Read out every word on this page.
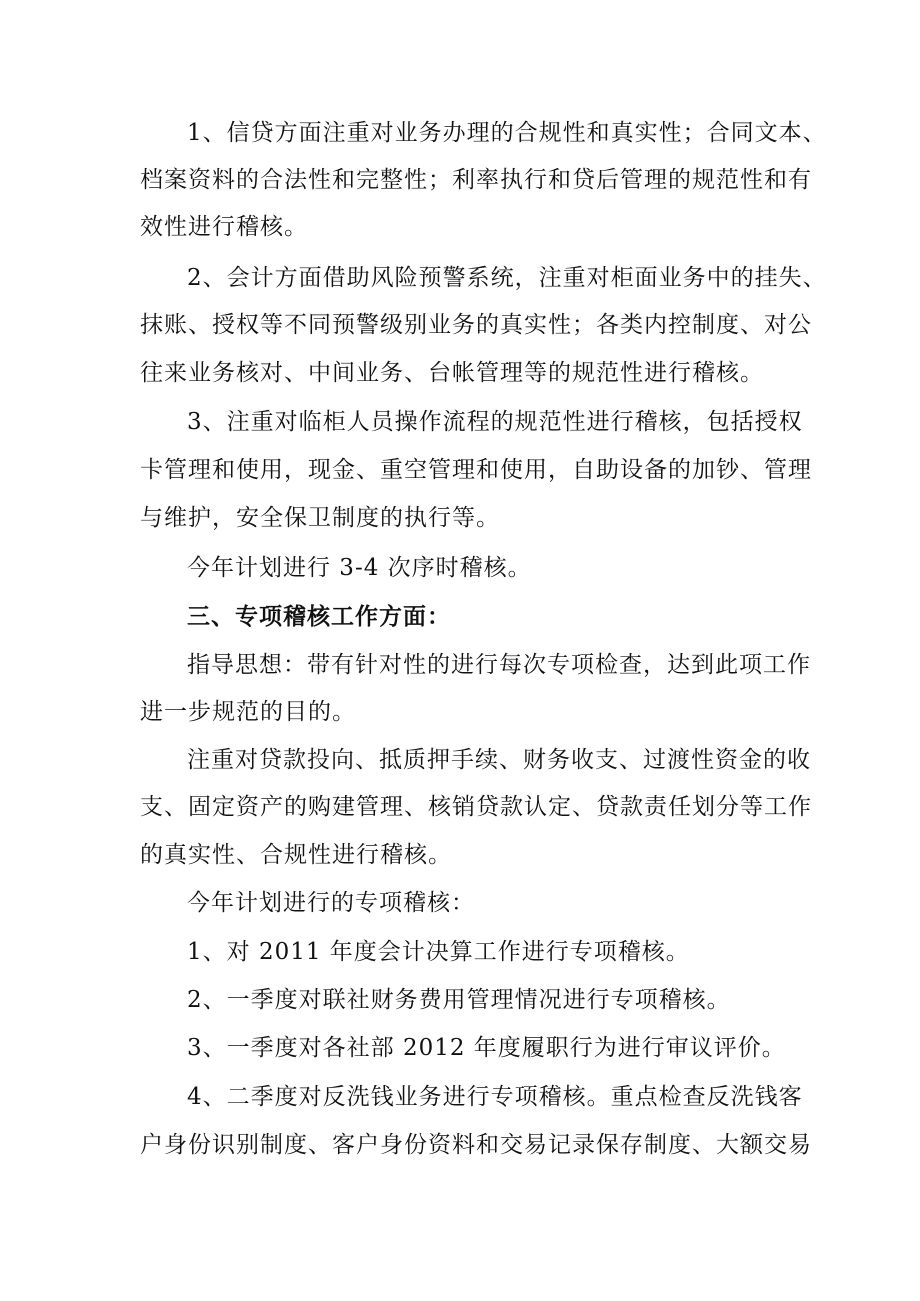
1、信贷方面注重对业务办理的合规性和真实性；合同文本、
档案资料的合法性和完整性；利率执行和贷后管理的规范性和有
效性进行稽核。
2、会计方面借助风险预警系统，注重对柜面业务中的挂失、
抹账、授权等不同预警级别业务的真实性；各类内控制度、对公
往来业务核对、中间业务、台帐管理等的规范性进行稽核。
3、注重对临柜人员操作流程的规范性进行稽核，包括授权
卡管理和使用，现金、重空管理和使用，自助设备的加钞、管理
与维护，安全保卫制度的执行等。
今年计划进行 3-4 次序时稽核。
三、专项稽核工作方面：
指导思想：带有针对性的进行每次专项检查，达到此项工作
进一步规范的目的。
注重对贷款投向、抵质押手续、财务收支、过渡性资金的收
支、固定资产的购建管理、核销贷款认定、贷款责任划分等工作
的真实性、合规性进行稽核。
今年计划进行的专项稽核：
1、对 2011 年度会计决算工作进行专项稽核。
2、一季度对联社财务费用管理情况进行专项稽核。
3、一季度对各社部 2012 年度履职行为进行审议评价。
4、二季度对反洗钱业务进行专项稽核。重点检查反洗钱客
户身份识别制度、客户身份资料和交易记录保存制度、大额交易
